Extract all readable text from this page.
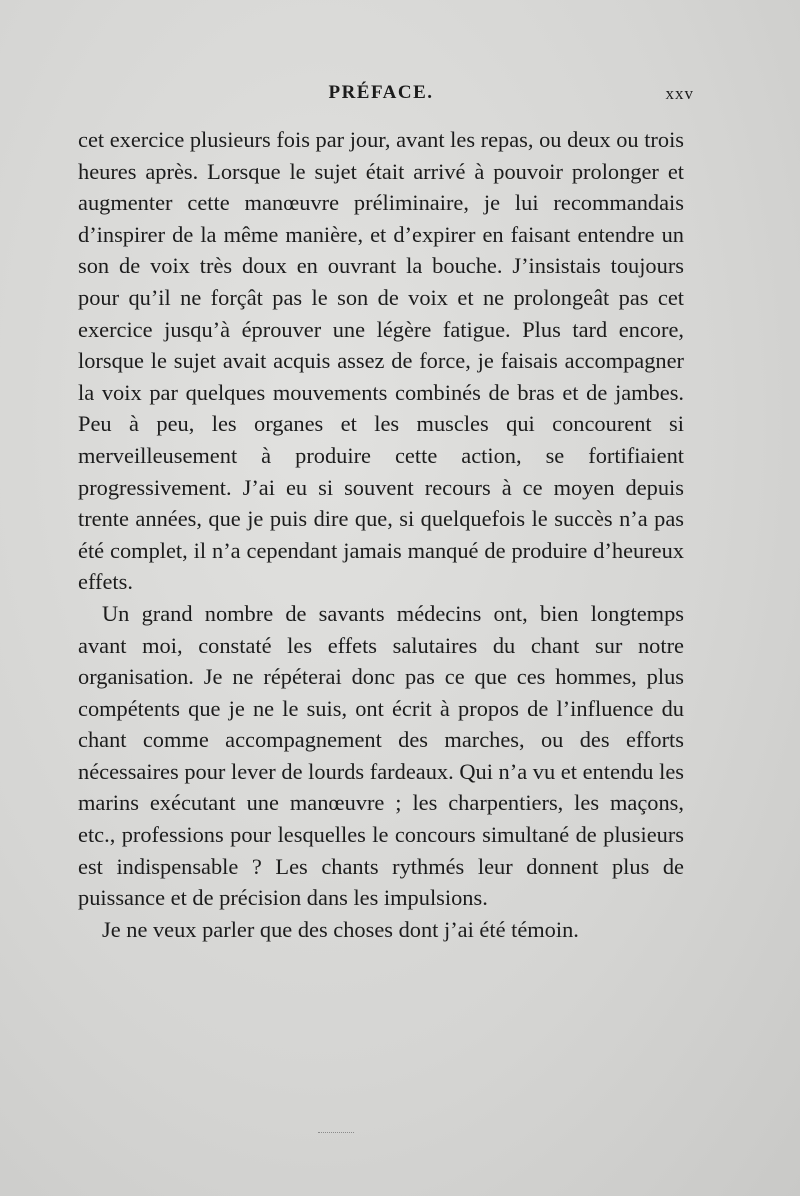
PRÉFACE.	xxv

cet exercice plusieurs fois par jour, avant les repas, ou deux ou trois heures après. Lorsque le sujet était arrivé à pouvoir prolonger et augmenter cette manœuvre préliminaire, je lui recommandais d’inspirer de la même manière, et d’expirer en faisant entendre un son de voix très doux en ouvrant la bouche. J’insistais toujours pour qu’il ne forçât pas le son de voix et ne prolongeât pas cet exercice jusqu’à éprouver une légère fatigue. Plus tard encore, lorsque le sujet avait acquis assez de force, je faisais accompagner la voix par quelques mouvements combinés de bras et de jambes. Peu à peu, les organes et les muscles qui concourent si merveilleusement à produire cette action, se fortifiaient progressivement. J’ai eu si souvent recours à ce moyen depuis trente années, que je puis dire que, si quelquefois le succès n’a pas été complet, il n’a cependant jamais manqué de produire d’heureux effets.

Un grand nombre de savants médecins ont, bien longtemps avant moi, constaté les effets salutaires du chant sur notre organisation. Je ne répéterai donc pas ce que ces hommes, plus compétents que je ne le suis, ont écrit à propos de l’influence du chant comme accompagnement des marches, ou des efforts nécessaires pour lever de lourds fardeaux. Qui n’a vu et entendu les marins exécutant une manœuvre ; les charpentiers, les maçons, etc., professions pour lesquelles le concours simultané de plusieurs est indispensable ? Les chants rythmés leur donnent plus de puissance et de précision dans les impulsions.

Je ne veux parler que des choses dont j’ai été témoin.
